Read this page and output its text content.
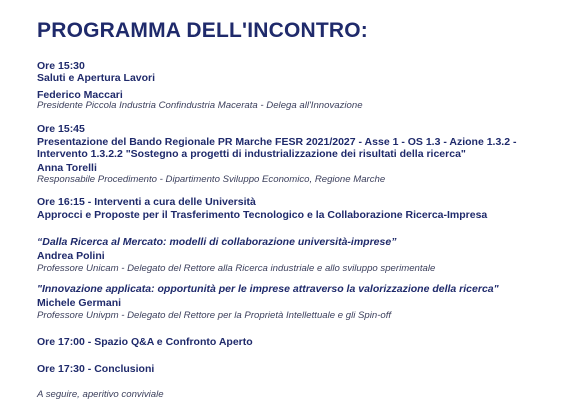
PROGRAMMA DELL'INCONTRO:
Ore 15:30
Saluti e Apertura Lavori
Federico Maccari
Presidente Piccola Industria Confindustria Macerata - Delega all'Innovazione
Ore 15:45
Presentazione del Bando Regionale PR Marche FESR 2021/2027 - Asse 1 - OS 1.3 - Azione 1.3.2 -
Intervento 1.3.2.2 "Sostegno a progetti di industrializzazione dei risultati della ricerca"
Anna Torelli
Responsabile Procedimento - Dipartimento Sviluppo Economico, Regione Marche
Ore 16:15 - Interventi a cura delle Università
Approcci e Proposte per il Trasferimento Tecnologico e la Collaborazione Ricerca-Impresa
“Dalla Ricerca al Mercato: modelli di collaborazione università-imprese”
Andrea Polini
Professore Unicam - Delegato del Rettore alla Ricerca industriale e allo sviluppo sperimentale
"Innovazione applicata: opportunità per le imprese attraverso la valorizzazione della ricerca"
Michele Germani
Professore Univpm - Delegato del Rettore per la Proprietà Intellettuale e gli Spin-off
Ore 17:00 - Spazio Q&A e Confronto Aperto
Ore 17:30 - Conclusioni
A seguire, aperitivo conviviale
